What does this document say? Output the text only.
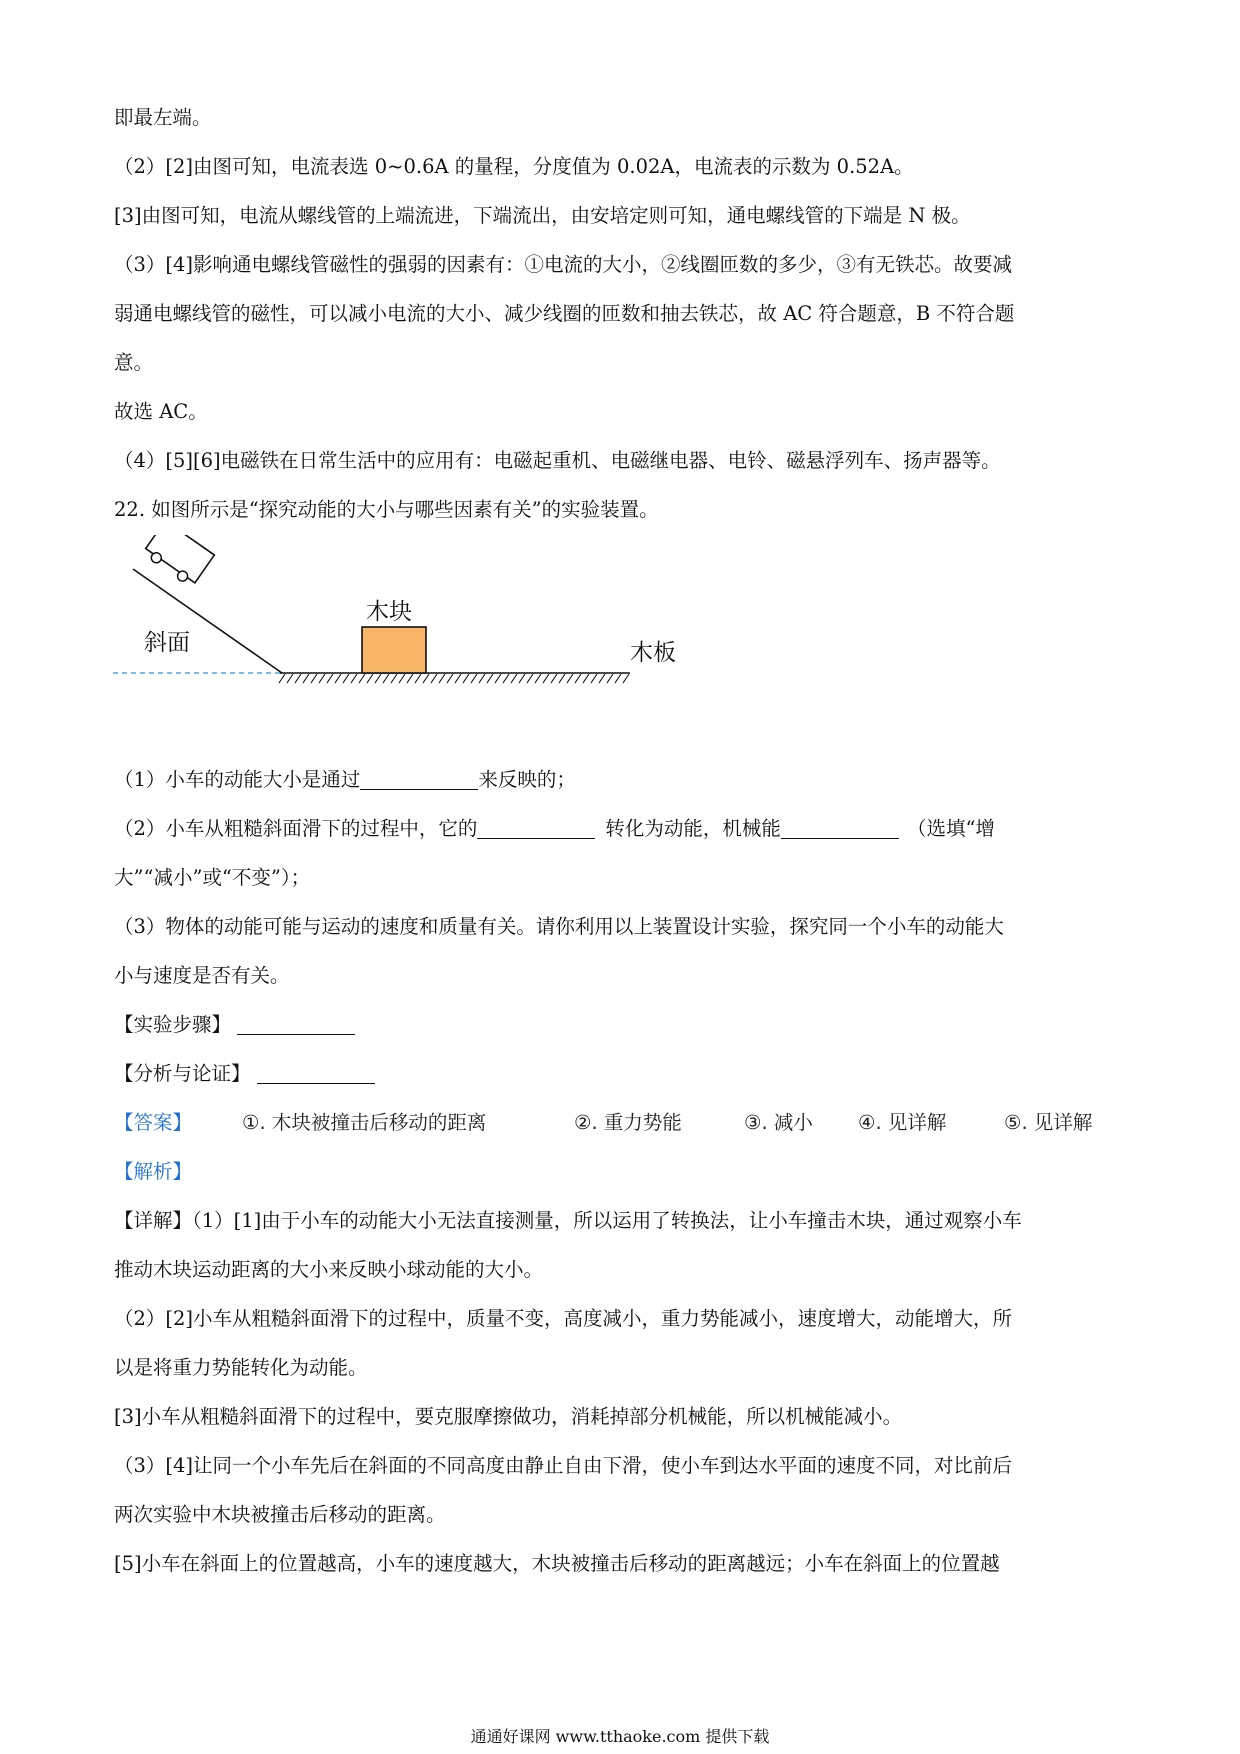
即最左端。
（2）[2]由图可知，电流表选 0~0.6A 的量程，分度值为 0.02A，电流表的示数为 0.52A。
[3]由图可知，电流从螺线管的上端流进，下端流出，由安培定则可知，通电螺线管的下端是 N 极。
（3）[4]影响通电螺线管磁性的强弱的因素有：①电流的大小，②线圈匝数的多少，③有无铁芯。故要减
弱通电螺线管的磁性，可以减小电流的大小、减少线圈的匝数和抽去铁芯，故 AC 符合题意，B 不符合题
意。
故选 AC。
（4）[5][6]电磁铁在日常生活中的应用有：电磁起重机、电磁继电器、电铃、磁悬浮列车、扬声器等。
22. 如图所示是“探究动能的大小与哪些因素有关”的实验装置。
木块
斜面	木板
（1）小车的动能大小是通过	来反映的；
（2）小车从粗糙斜面滑下的过程中，它的	转化为动能，机械能	（选填“增
大”“减小”或“不变”）；
（3）物体的动能可能与运动的速度和质量有关。请你利用以上装置设计实验，探究同一个小车的动能大
小与速度是否有关。
【实验步骤】
【分析与论证】
【答案】	①. 木块被撞击后移动的距离	②. 重力势能	③. 减小 ④. 见详解	⑤. 见详解
【解析】
【详解】（1）[1]由于小车的动能大小无法直接测量，所以运用了转换法，让小车撞击木块，通过观察小车
推动木块运动距离的大小来反映小球动能的大小。
（2）[2]小车从粗糙斜面滑下的过程中，质量不变，高度减小，重力势能减小，速度增大，动能增大，所
以是将重力势能转化为动能。
[3]小车从粗糙斜面滑下的过程中，要克服摩擦做功，消耗掉部分机械能，所以机械能减小。
（3）[4]让同一个小车先后在斜面的不同高度由静止自由下滑，使小车到达水平面的速度不同，对比前后
两次实验中木块被撞击后移动的距离。
[5]小车在斜面上的位置越高，小车的速度越大，木块被撞击后移动的距离越远；小车在斜面上的位置越
通通好课网 www.tthaoke.com 提供下载
